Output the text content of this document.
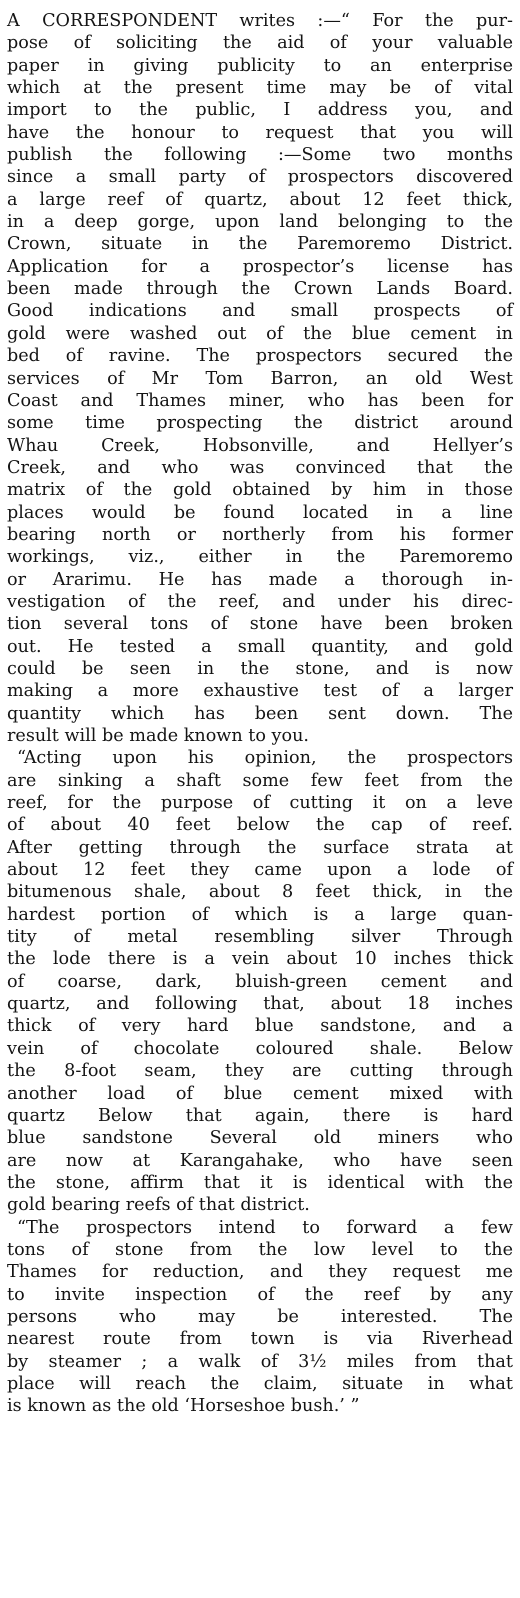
A CORRESPONDENT writes :—“ For the pur-
pose of soliciting the aid of your valuable
paper in giving publicity to an enterprise
which at the present time may be of vital
import to the public, I address you, and
have the honour to request that you will
publish the following :—Some two months
since a small party of prospectors discovered
a large reef of quartz, about 12 feet thick,
in a deep gorge, upon land belonging to the
Crown, situate in the Paremoremo District.
Application for a prospector’s license has
been made through the Crown Lands Board.
Good indications and small prospects of
gold were washed out of the blue cement in
bed of ravine. The prospectors secured the
services of Mr Tom Barron, an old West
Coast and Thames miner, who has been for
some time prospecting the district around
Whau Creek, Hobsonville, and Hellyer’s
Creek, and who was convinced that the
matrix of the gold obtained by him in those
places would be found located in a line
bearing north or northerly from his former
workings, viz., either in the Paremoremo
or Ararimu. He has made a thorough in-
vestigation of the reef, and under his direc-
tion several tons of stone have been broken
out. He tested a small quantity, and gold
could be seen in the stone, and is now
making a more exhaustive test of a larger
quantity which has been sent down. The
result will be made known to you.
“Acting upon his opinion, the prospectors
are sinking a shaft some few feet from the
reef, for the purpose of cutting it on a leve
of about 40 feet below the cap of reef.
After getting through the surface strata at
about 12 feet they came upon a lode of
bitumenous shale, about 8 feet thick, in the
hardest portion of which is a large quan-
tity of metal resembling silver Through
the lode there is a vein about 10 inches thick
of coarse, dark, bluish-green cement and
quartz, and following that, about 18 inches
thick of very hard blue sandstone, and a
vein of chocolate coloured shale. Below
the 8-foot seam, they are cutting through
another load of blue cement mixed with
quartz Below that again, there is hard
blue sandstone Several old miners who
are now at Karangahake, who have seen
the stone, affirm that it is identical with the
gold bearing reefs of that district.
“The prospectors intend to forward a few
tons of stone from the low level to the
Thames for reduction, and they request me
to invite inspection of the reef by any
persons who may be interested. The
nearest route from town is via Riverhead
by steamer ; a walk of 3½ miles from that
place will reach the claim, situate in what
is known as the old ‘Horseshoe bush.’ ”
